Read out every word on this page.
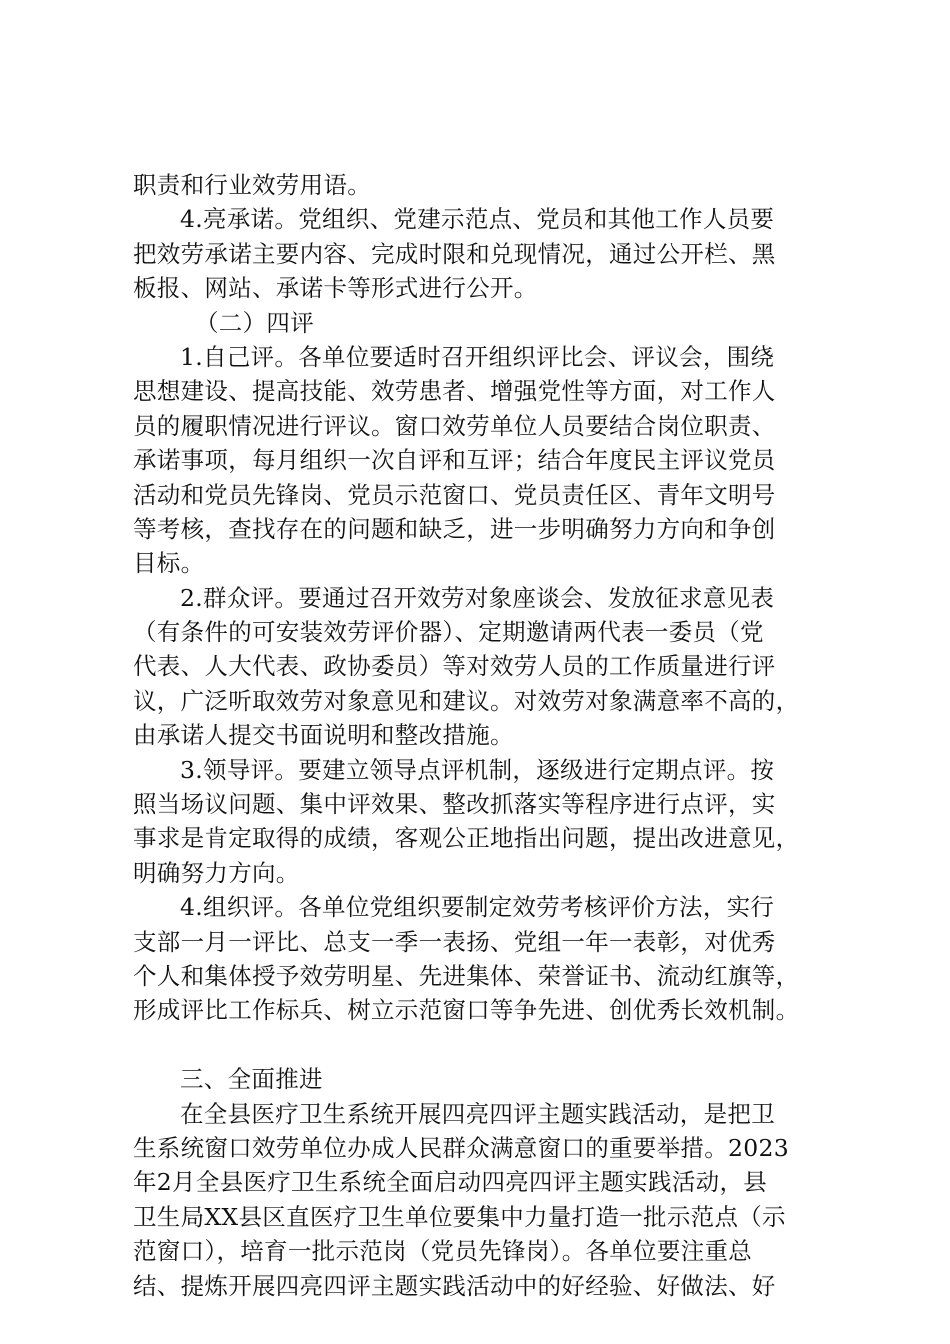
职责和行业效劳用语。
4.亮承诺。党组织、党建示范点、党员和其他工作人员要
把效劳承诺主要内容、完成时限和兑现情况，通过公开栏、黑
板报、网站、承诺卡等形式进行公开。
（二）四评
1.自己评。各单位要适时召开组织评比会、评议会，围绕
思想建设、提高技能、效劳患者、增强党性等方面，对工作人
员的履职情况进行评议。窗口效劳单位人员要结合岗位职责、
承诺事项，每月组织一次自评和互评；结合年度民主评议党员
活动和党员先锋岗、党员示范窗口、党员责任区、青年文明号
等考核，查找存在的问题和缺乏，进一步明确努力方向和争创
目标。
2.群众评。要通过召开效劳对象座谈会、发放征求意见表
（有条件的可安装效劳评价器）、定期邀请两代表一委员（党
代表、人大代表、政协委员）等对效劳人员的工作质量进行评
议，广泛听取效劳对象意见和建议。对效劳对象满意率不高的，
由承诺人提交书面说明和整改措施。
3.领导评。要建立领导点评机制，逐级进行定期点评。按
照当场议问题、集中评效果、整改抓落实等程序进行点评，实
事求是肯定取得的成绩，客观公正地指出问题，提出改进意见，
明确努力方向。
4.组织评。各单位党组织要制定效劳考核评价方法，实行
支部一月一评比、总支一季一表扬、党组一年一表彰，对优秀
个人和集体授予效劳明星、先进集体、荣誉证书、流动红旗等，
形成评比工作标兵、树立示范窗口等争先进、创优秀长效机制。
三、全面推进
在全县医疗卫生系统开展四亮四评主题实践活动，是把卫
生系统窗口效劳单位办成人民群众满意窗口的重要举措。2023
年2月全县医疗卫生系统全面启动四亮四评主题实践活动，县
卫生局XX县区直医疗卫生单位要集中力量打造一批示范点（示
范窗口），培育一批示范岗（党员先锋岗）。各单位要注重总
结、提炼开展四亮四评主题实践活动中的好经验、好做法、好
